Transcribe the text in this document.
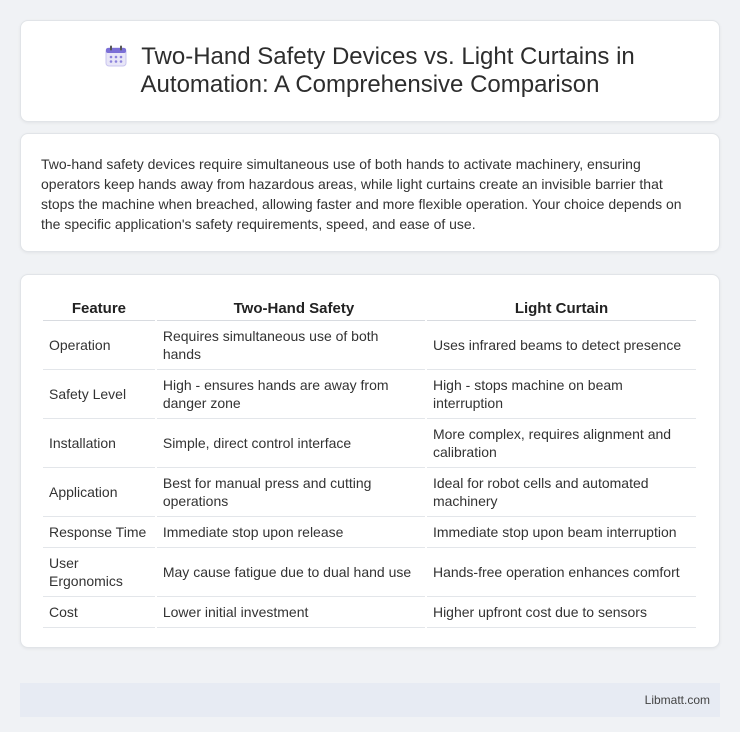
Two-Hand Safety Devices vs. Light Curtains in Automation: A Comprehensive Comparison

Two-hand safety devices require simultaneous use of both hands to activate machinery, ensuring operators keep hands away from hazardous areas, while light curtains create an invisible barrier that stops the machine when breached, allowing faster and more flexible operation. Your choice depends on the specific application's safety requirements, speed, and ease of use.

Feature	Two-Hand Safety	Light Curtain
Operation	Requires simultaneous use of both hands	Uses infrared beams to detect presence
Safety Level	High - ensures hands are away from danger zone	High - stops machine on beam interruption
Installation	Simple, direct control interface	More complex, requires alignment and calibration
Application	Best for manual press and cutting operations	Ideal for robot cells and automated machinery
Response Time	Immediate stop upon release	Immediate stop upon beam interruption
User Ergonomics	May cause fatigue due to dual hand use	Hands-free operation enhances comfort
Cost	Lower initial investment	Higher upfront cost due to sensors
Libmatt.com
